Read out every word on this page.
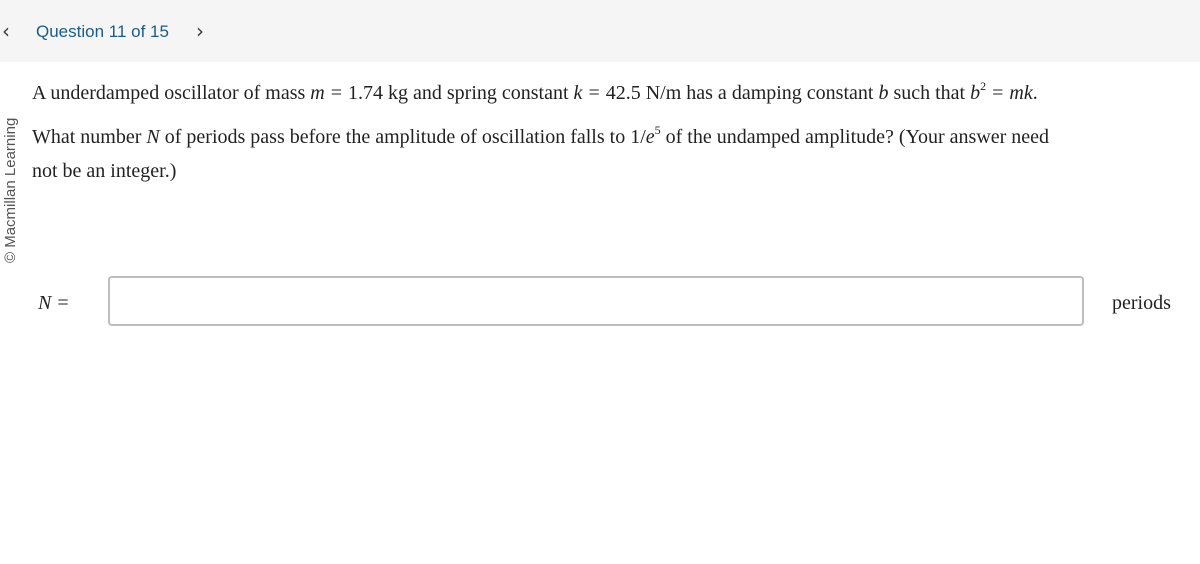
‹ Question 11 of 15 ›
© Macmillan Learning
A underdamped oscillator of mass m = 1.74 kg and spring constant k = 42.5 N/m has a damping constant b such that $b^2$ = mk.
What number N of periods pass before the amplitude of oscillation falls to $1/e^5$ of the undamped amplitude? (Your answer need
not be an integer.)
N =	periods
